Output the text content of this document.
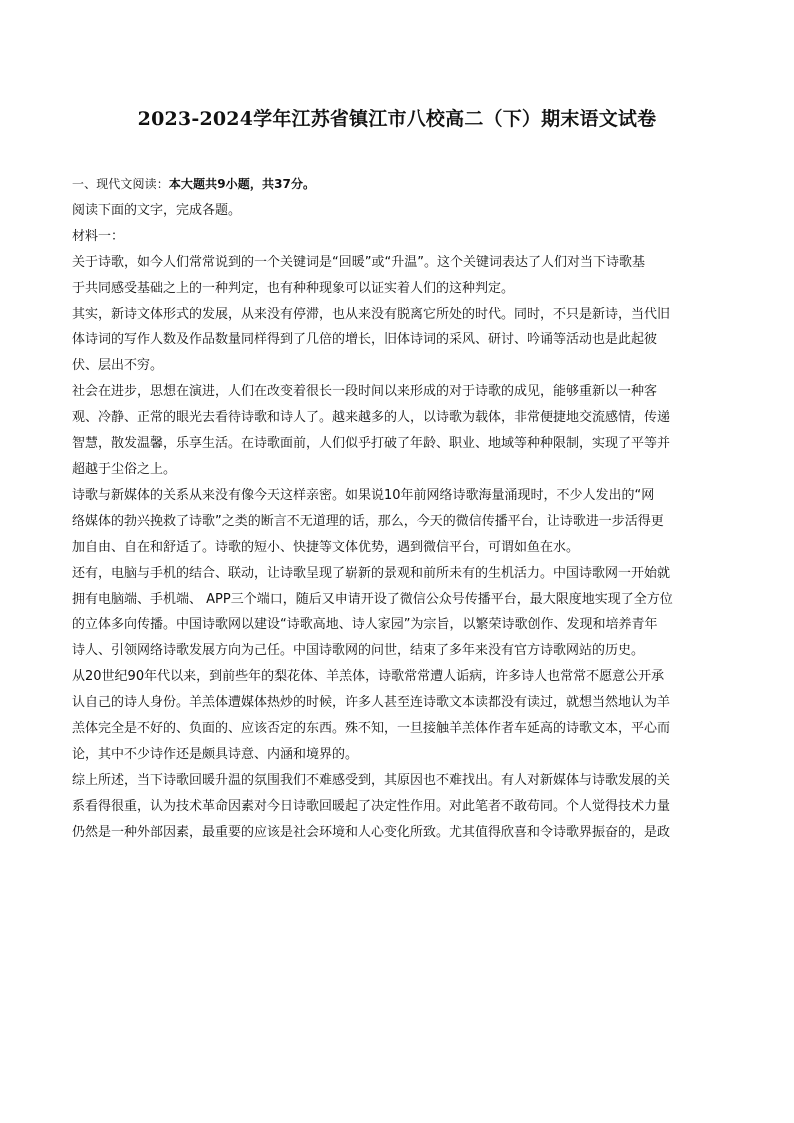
2023-2024学年江苏省镇江市八校高二（下）期末语文试卷
一、现代文阅读：本大题共9小题，共37分。
阅读下面的文字，完成各题。
材料一：
关于诗歌，如今人们常常说到的一个关键词是“回暖”或“升温”。这个关键词表达了人们对当下诗歌基
于共同感受基础之上的一种判定，也有种种现象可以证实着人们的这种判定。
其实，新诗文体形式的发展，从来没有停滞，也从来没有脱离它所处的时代。同时，不只是新诗，当代旧
体诗词的写作人数及作品数量同样得到了几倍的增长，旧体诗词的采风、研讨、吟诵等活动也是此起彼
伏、层出不穷。
社会在进步，思想在演进，人们在改变着很长一段时间以来形成的对于诗歌的成见，能够重新以一种客
观、冷静、正常的眼光去看待诗歌和诗人了。越来越多的人，以诗歌为载体，非常便捷地交流感情，传递
智慧，散发温馨，乐享生活。在诗歌面前，人们似乎打破了年龄、职业、地域等种种限制，实现了平等并
超越于尘俗之上。
诗歌与新媒体的关系从来没有像今天这样亲密。如果说10年前网络诗歌海量涌现时，不少人发出的“网
络媒体的勃兴挽救了诗歌”之类的断言不无道理的话，那么，今天的微信传播平台，让诗歌进一步活得更
加自由、自在和舒适了。诗歌的短小、快捷等文体优势，遇到微信平台，可谓如鱼在水。
还有，电脑与手机的结合、联动，让诗歌呈现了崭新的景观和前所未有的生机活力。中国诗歌网一开始就
拥有电脑端、手机端、 APP三个端口，随后又申请开设了微信公众号传播平台，最大限度地实现了全方位
的立体多向传播。中国诗歌网以建设“诗歌高地、诗人家园”为宗旨，以繁荣诗歌创作、发现和培养青年
诗人、引领网络诗歌发展方向为己任。中国诗歌网的问世，结束了多年来没有官方诗歌网站的历史。
从20世纪90年代以来，到前些年的梨花体、羊羔体，诗歌常常遭人诟病，许多诗人也常常不愿意公开承
认自己的诗人身份。羊羔体遭媒体热炒的时候，许多人甚至连诗歌文本读都没有读过，就想当然地认为羊
羔体完全是不好的、负面的、应该否定的东西。殊不知，一旦接触羊羔体作者车延高的诗歌文本，平心而
论，其中不少诗作还是颇具诗意、内涵和境界的。
综上所述，当下诗歌回暖升温的氛围我们不难感受到，其原因也不难找出。有人对新媒体与诗歌发展的关
系看得很重，认为技术革命因素对今日诗歌回暖起了决定性作用。对此笔者不敢苟同。个人觉得技术力量
仍然是一种外部因素，最重要的应该是社会环境和人心变化所致。尤其值得欣喜和令诗歌界振奋的，是政
